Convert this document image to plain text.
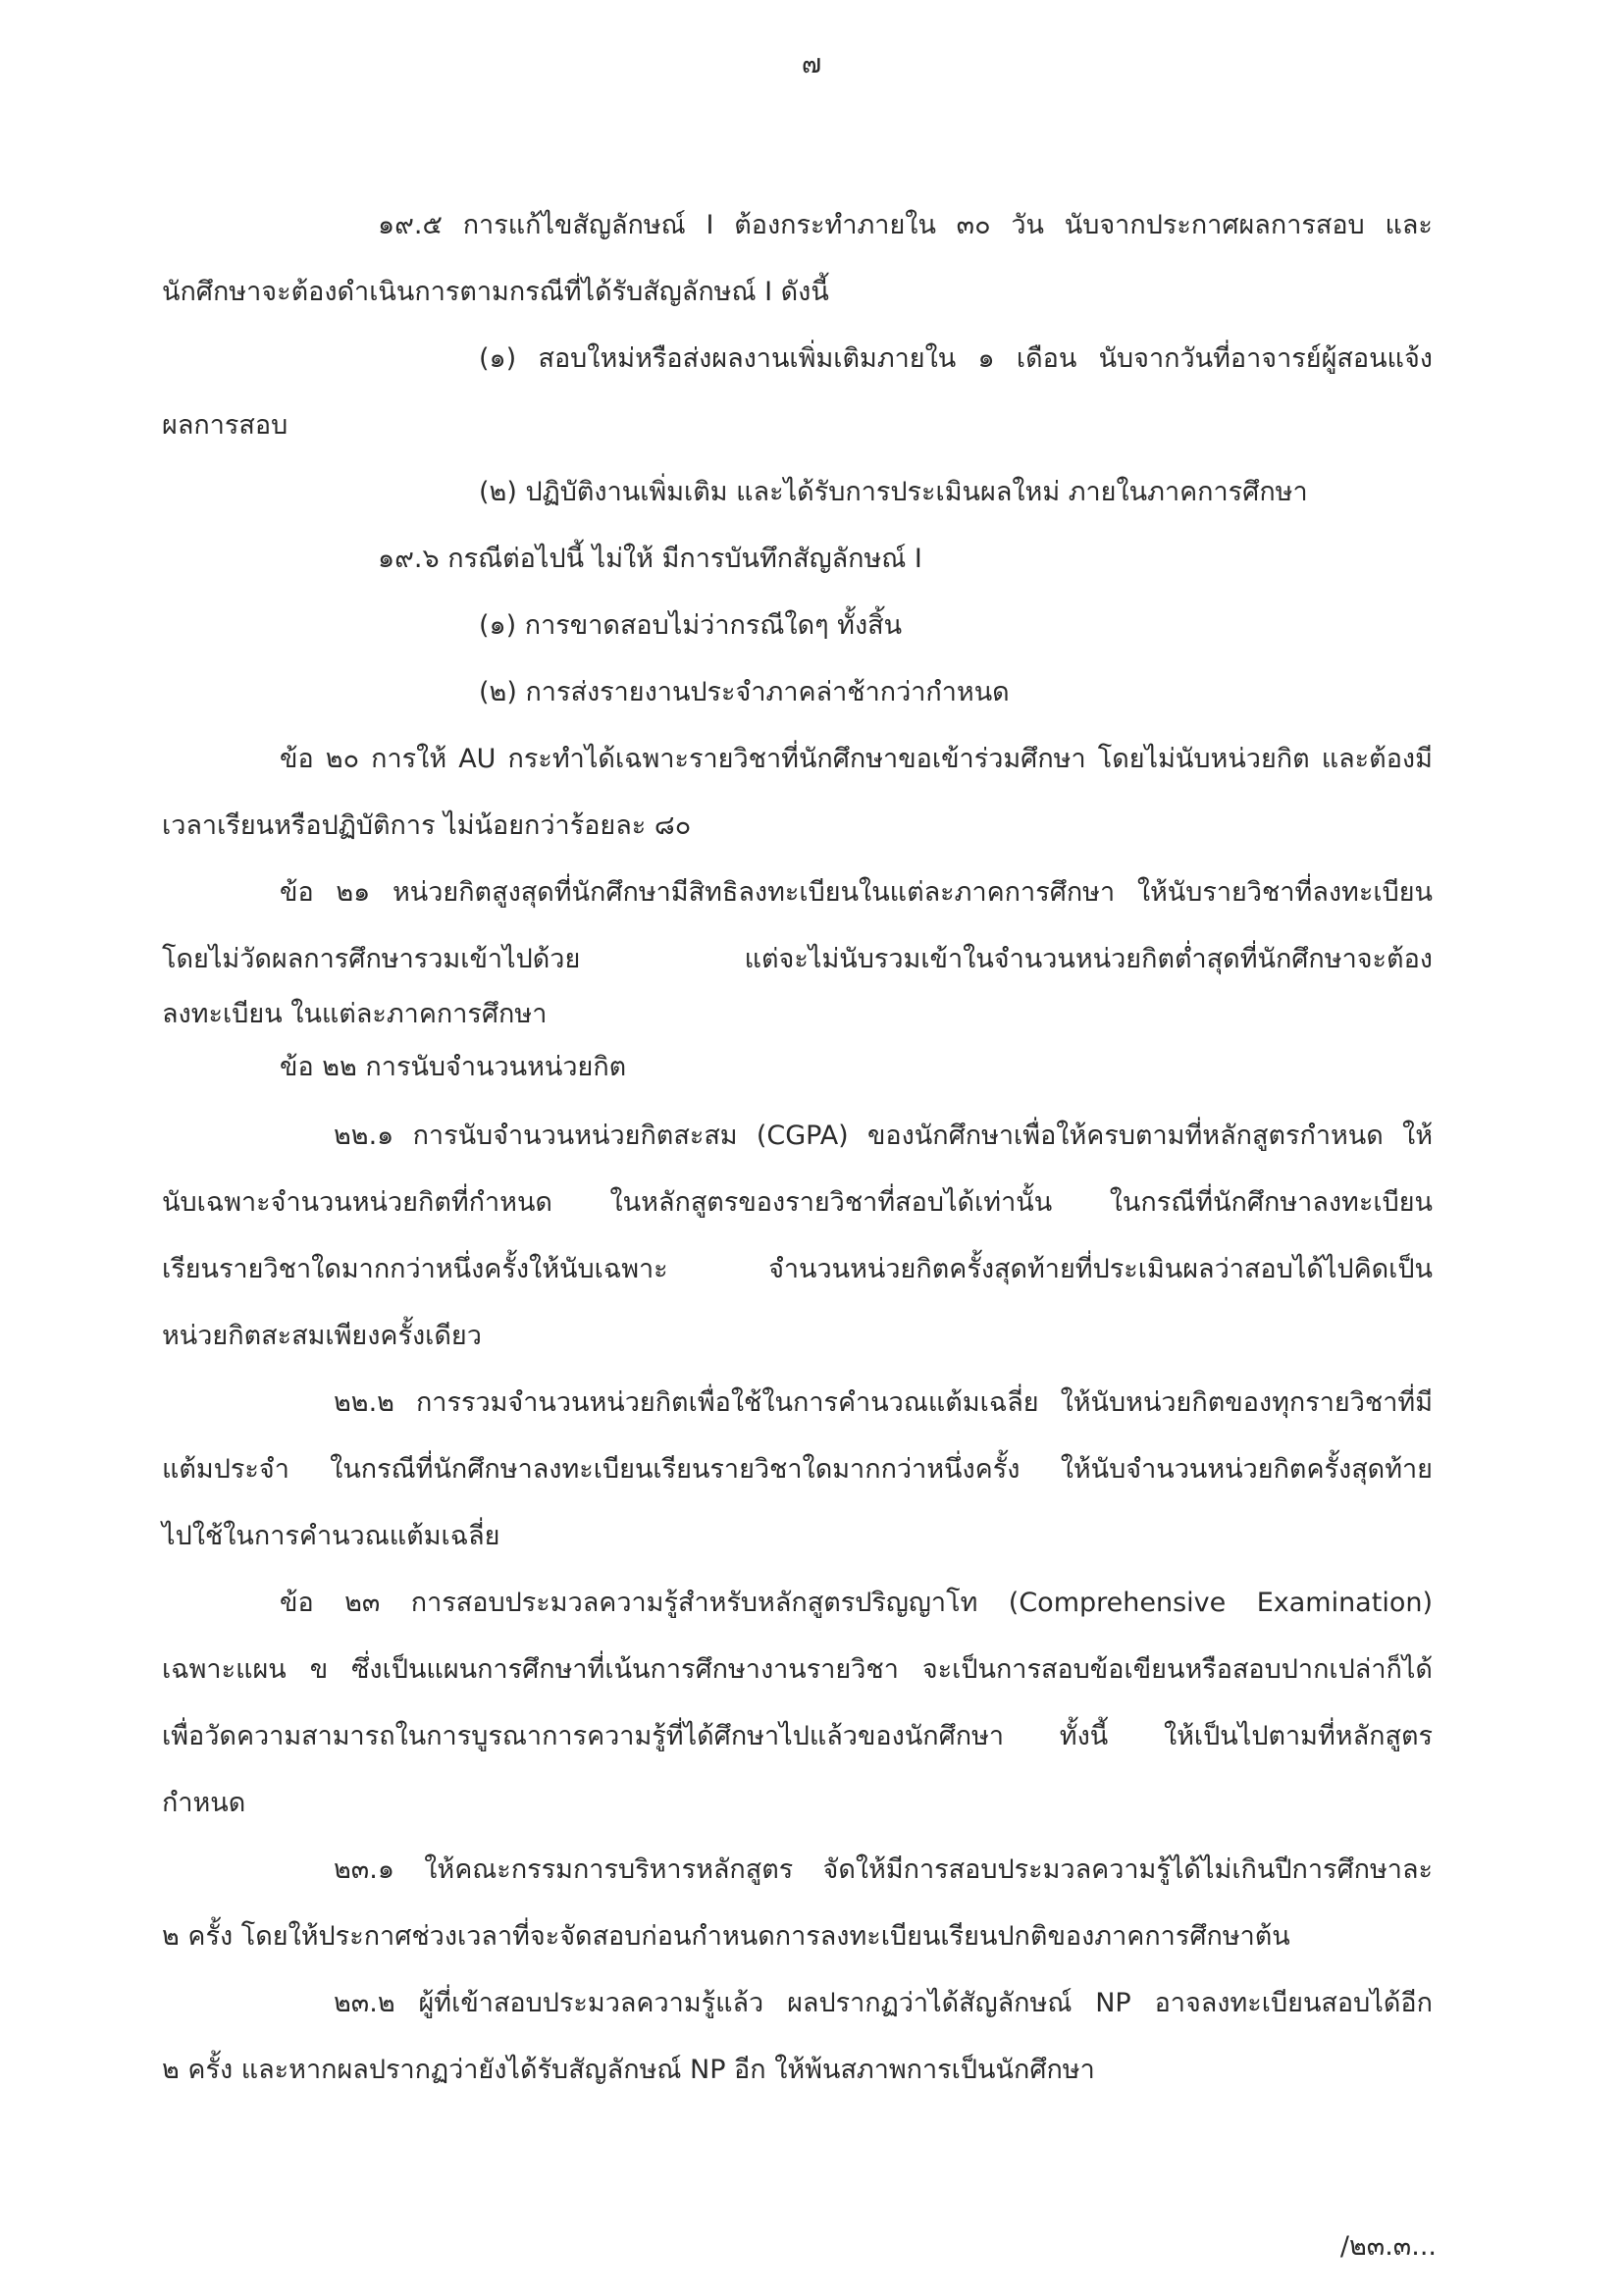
๗
๑๙.๕ การแก้ไขสัญลักษณ์ I ต้องกระทำภายใน ๓๐ วัน นับจากประกาศผลการสอบ และ
นักศึกษาจะต้องดำเนินการตามกรณีที่ได้รับสัญลักษณ์ I ดังนี้
(๑) สอบใหม่หรือส่งผลงานเพิ่มเติมภายใน ๑ เดือน นับจากวันที่อาจารย์ผู้สอนแจ้ง
ผลการสอบ
(๒) ปฏิบัติงานเพิ่มเติม และได้รับการประเมินผลใหม่ ภายในภาคการศึกษา
๑๙.๖ กรณีต่อไปนี้ ไม่ให้ มีการบันทึกสัญลักษณ์ I
(๑) การขาดสอบไม่ว่ากรณีใดๆ ทั้งสิ้น
(๒) การส่งรายงานประจำภาคล่าช้ากว่ากำหนด
ข้อ ๒๐ การให้ AU กระทำได้เฉพาะรายวิชาที่นักศึกษาขอเข้าร่วมศึกษา โดยไม่นับหน่วยกิต และต้องมี
เวลาเรียนหรือปฏิบัติการ ไม่น้อยกว่าร้อยละ ๘๐
ข้อ ๒๑ หน่วยกิตสูงสุดที่นักศึกษามีสิทธิลงทะเบียนในแต่ละภาคการศึกษา ให้นับรายวิชาที่ลงทะเบียน
โดยไม่วัดผลการศึกษารวมเข้าไปด้วย	แต่จะไม่นับรวมเข้าในจำนวนหน่วยกิตต่ำสุดที่นักศึกษาจะต้อง
ลงทะเบียน ในแต่ละภาคการศึกษา
ข้อ ๒๒ การนับจำนวนหน่วยกิต
๒๒.๑ การนับจำนวนหน่วยกิตสะสม (CGPA) ของนักศึกษาเพื่อให้ครบตามที่หลักสูตรกำหนด ให้
นับเฉพาะจำนวนหน่วยกิตที่กำหนด ในหลักสูตรของรายวิชาที่สอบได้เท่านั้น ในกรณีที่นักศึกษาลงทะเบียน
เรียนรายวิชาใดมากกว่าหนึ่งครั้งให้นับเฉพาะ	จำนวนหน่วยกิตครั้งสุดท้ายที่ประเมินผลว่าสอบได้ไปคิดเป็น
หน่วยกิตสะสมเพียงครั้งเดียว
๒๒.๒ การรวมจำนวนหน่วยกิตเพื่อใช้ในการคำนวณแต้มเฉลี่ย ให้นับหน่วยกิตของทุกรายวิชาที่มี
แต้มประจำ ในกรณีที่นักศึกษาลงทะเบียนเรียนรายวิชาใดมากกว่าหนึ่งครั้ง ให้นับจำนวนหน่วยกิตครั้งสุดท้าย
ไปใช้ในการคำนวณแต้มเฉลี่ย
ข้อ ๒๓ การสอบประมวลความรู้สำหรับหลักสูตรปริญญาโท (Comprehensive Examination)
เฉพาะแผน ข ซึ่งเป็นแผนการศึกษาที่เน้นการศึกษางานรายวิชา จะเป็นการสอบข้อเขียนหรือสอบปากเปล่าก็ได้
เพื่อวัดความสามารถในการบูรณาการความรู้ที่ได้ศึกษาไปแล้วของนักศึกษา ทั้งนี้ ให้เป็นไปตามที่หลักสูตร
กำหนด
๒๓.๑ ให้คณะกรรมการบริหารหลักสูตร จัดให้มีการสอบประมวลความรู้ได้ไม่เกินปีการศึกษาละ
๒ ครั้ง โดยให้ประกาศช่วงเวลาที่จะจัดสอบก่อนกำหนดการลงทะเบียนเรียนปกติของภาคการศึกษาต้น
๒๓.๒ ผู้ที่เข้าสอบประมวลความรู้แล้ว ผลปรากฏว่าได้สัญลักษณ์ NP อาจลงทะเบียนสอบได้อีก
๒ ครั้ง และหากผลปรากฏว่ายังได้รับสัญลักษณ์ NP อีก ให้พ้นสภาพการเป็นนักศึกษา
/๒๓.๓...
